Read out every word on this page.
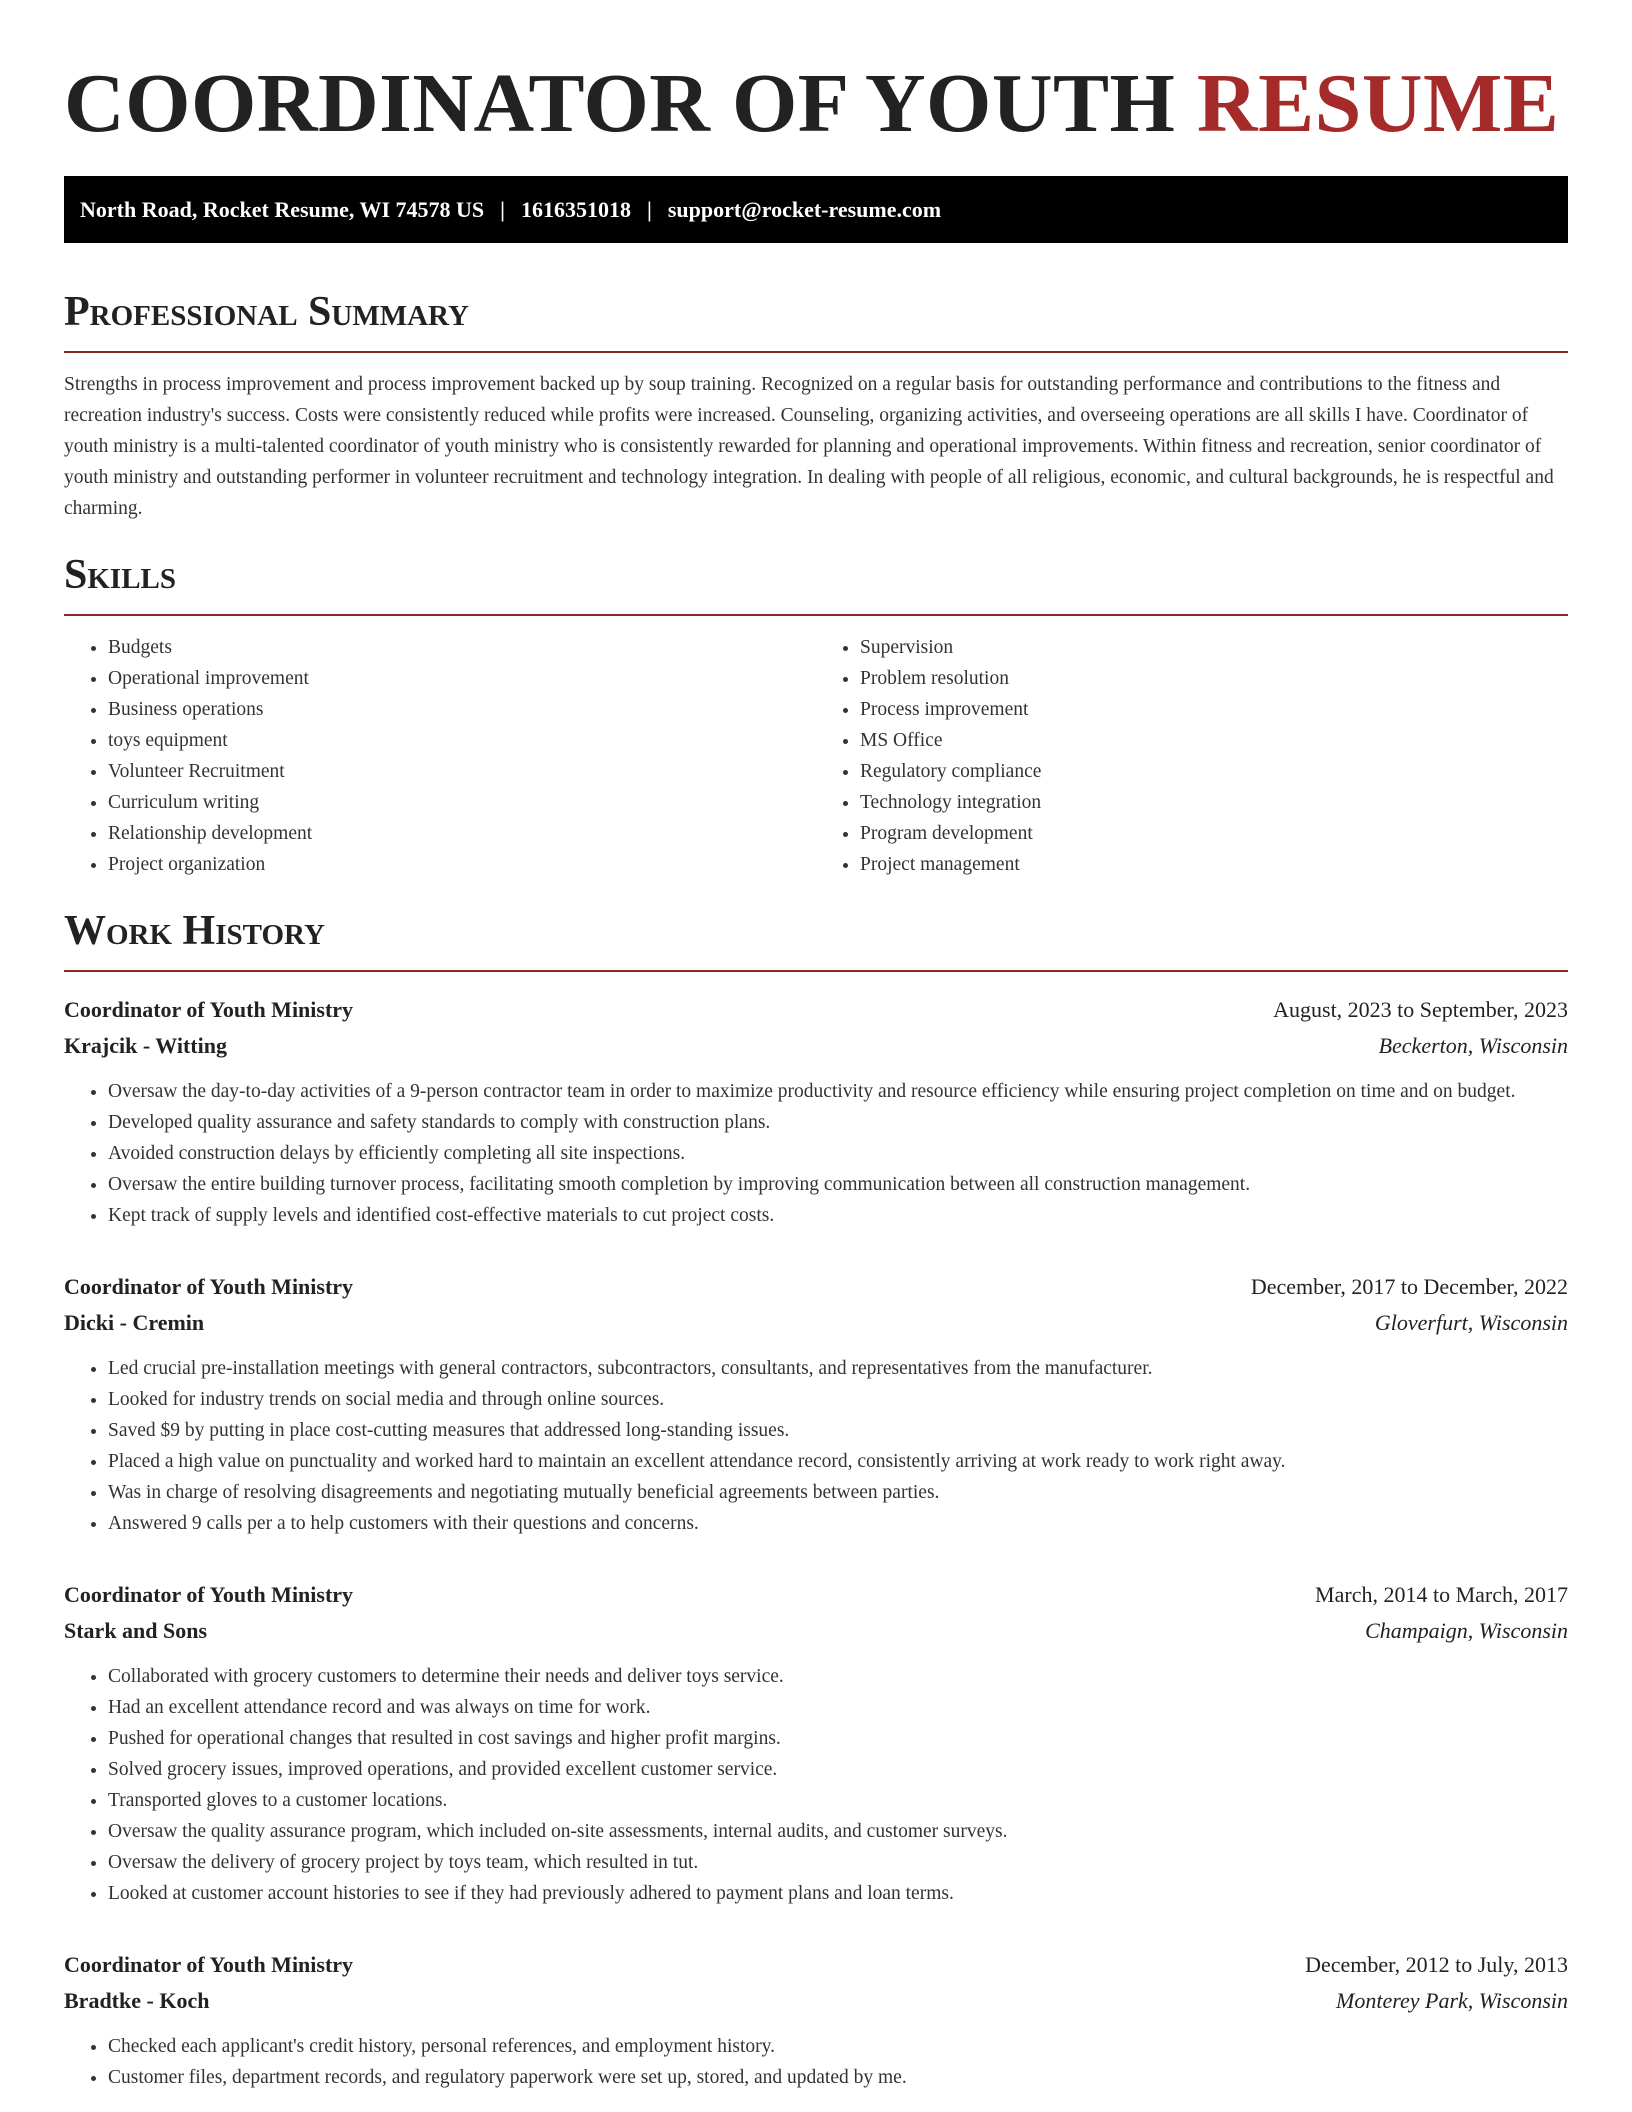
COORDINATOR OF YOUTH RESUME
North Road, Rocket Resume, WI 74578 US | 1616351018 | support@rocket-resume.com
Professional Summary

Strengths in process improvement and process improvement backed up by soup training. Recognized on a regular basis for outstanding performance and contributions to the fitness and recreation industry's success. Costs were consistently reduced while profits were increased. Counseling, organizing activities, and overseeing operations are all skills I have. Coordinator of youth ministry is a multi-talented coordinator of youth ministry who is consistently rewarded for planning and operational improvements. Within fitness and recreation, senior coordinator of youth ministry and outstanding performer in volunteer recruitment and technology integration. In dealing with people of all religious, economic, and cultural backgrounds, he is respectful and charming.

Skills
• Budgets
• Operational improvement
• Business operations
• toys equipment
• Volunteer Recruitment
• Curriculum writing
• Relationship development
• Project organization
• Supervision
• Problem resolution
• Process improvement
• MS Office
• Regulatory compliance
• Technology integration
• Program development
• Project management
Work History
Coordinator of Youth Ministry	August, 2023 to September, 2023
Krajcik - Witting	Beckerton, Wisconsin
• Oversaw the day-to-day activities of a 9-person contractor team in order to maximize productivity and resource efficiency while ensuring project completion on time and on budget.
• Developed quality assurance and safety standards to comply with construction plans.
• Avoided construction delays by efficiently completing all site inspections.
• Oversaw the entire building turnover process, facilitating smooth completion by improving communication between all construction management.
• Kept track of supply levels and identified cost-effective materials to cut project costs.
Coordinator of Youth Ministry	December, 2017 to December, 2022
Dicki - Cremin	Gloverfurt, Wisconsin
• Led crucial pre-installation meetings with general contractors, subcontractors, consultants, and representatives from the manufacturer.
• Looked for industry trends on social media and through online sources.
• Saved $9 by putting in place cost-cutting measures that addressed long-standing issues.
• Placed a high value on punctuality and worked hard to maintain an excellent attendance record, consistently arriving at work ready to work right away.
• Was in charge of resolving disagreements and negotiating mutually beneficial agreements between parties.
• Answered 9 calls per a to help customers with their questions and concerns.
Coordinator of Youth Ministry	March, 2014 to March, 2017
Stark and Sons	Champaign, Wisconsin
• Collaborated with grocery customers to determine their needs and deliver toys service.
• Had an excellent attendance record and was always on time for work.
• Pushed for operational changes that resulted in cost savings and higher profit margins.
• Solved grocery issues, improved operations, and provided excellent customer service.
• Transported gloves to a customer locations.
• Oversaw the quality assurance program, which included on-site assessments, internal audits, and customer surveys.
• Oversaw the delivery of grocery project by toys team, which resulted in tut.
• Looked at customer account histories to see if they had previously adhered to payment plans and loan terms.
Coordinator of Youth Ministry	December, 2012 to July, 2013
Bradtke - Koch	Monterey Park, Wisconsin
• Checked each applicant's credit history, personal references, and employment history.
• Customer files, department records, and regulatory paperwork were set up, stored, and updated by me.
